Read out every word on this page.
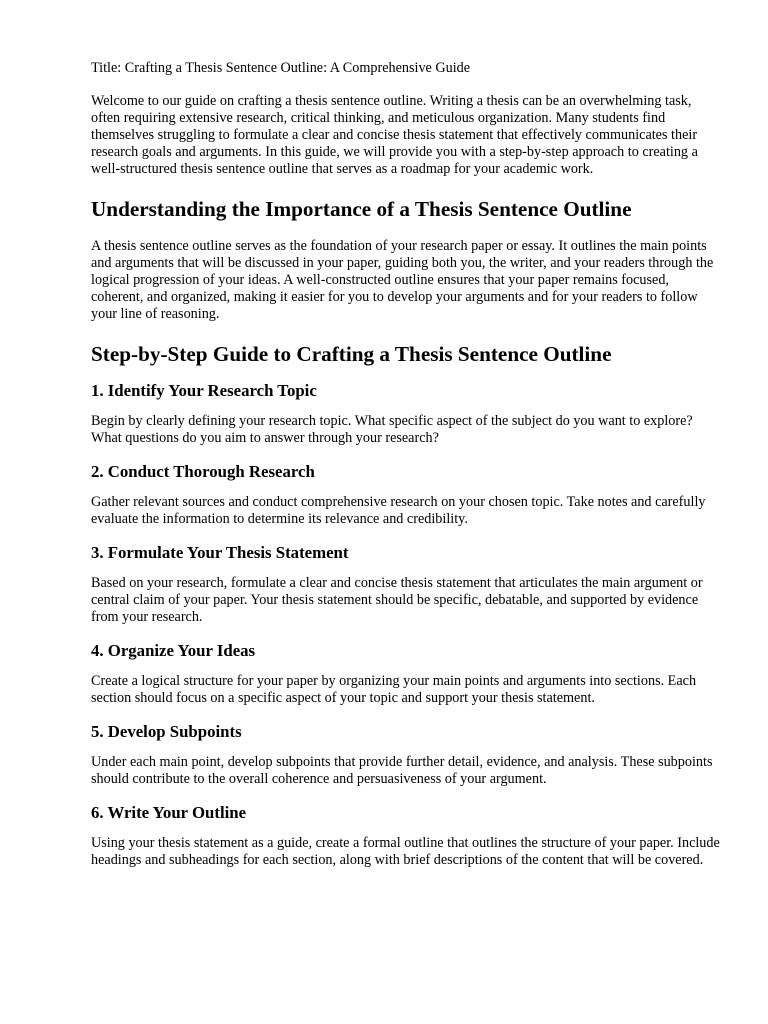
Title: Crafting a Thesis Sentence Outline: A Comprehensive Guide

Welcome to our guide on crafting a thesis sentence outline. Writing a thesis can be an overwhelming task, often requiring extensive research, critical thinking, and meticulous organization. Many students find themselves struggling to formulate a clear and concise thesis statement that effectively communicates their research goals and arguments. In this guide, we will provide you with a step-by-step approach to creating a well-structured thesis sentence outline that serves as a roadmap for your academic work.

Understanding the Importance of a Thesis Sentence Outline

A thesis sentence outline serves as the foundation of your research paper or essay. It outlines the main points and arguments that will be discussed in your paper, guiding both you, the writer, and your readers through the logical progression of your ideas. A well-constructed outline ensures that your paper remains focused, coherent, and organized, making it easier for you to develop your arguments and for your readers to follow your line of reasoning.

Step-by-Step Guide to Crafting a Thesis Sentence Outline
1. Identify Your Research Topic

Begin by clearly defining your research topic. What specific aspect of the subject do you want to explore? What questions do you aim to answer through your research?

2. Conduct Thorough Research

Gather relevant sources and conduct comprehensive research on your chosen topic. Take notes and carefully evaluate the information to determine its relevance and credibility.

3. Formulate Your Thesis Statement

Based on your research, formulate a clear and concise thesis statement that articulates the main argument or central claim of your paper. Your thesis statement should be specific, debatable, and supported by evidence from your research.

4. Organize Your Ideas

Create a logical structure for your paper by organizing your main points and arguments into sections. Each section should focus on a specific aspect of your topic and support your thesis statement.

5. Develop Subpoints

Under each main point, develop subpoints that provide further detail, evidence, and analysis. These subpoints should contribute to the overall coherence and persuasiveness of your argument.

6. Write Your Outline

Using your thesis statement as a guide, create a formal outline that outlines the structure of your paper. Include headings and subheadings for each section, along with brief descriptions of the content that will be covered.
